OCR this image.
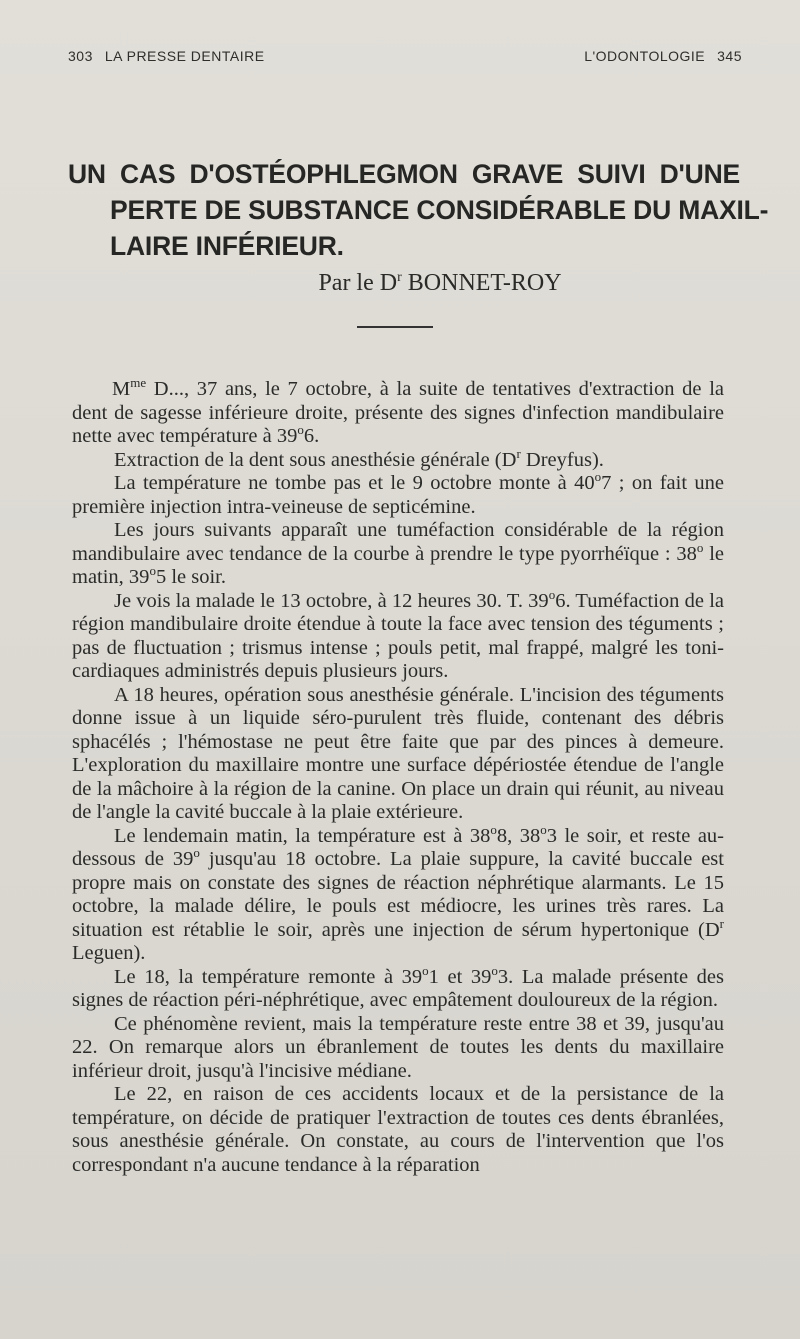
303 LA PRESSE DENTAIRE	L'ODONTOLOGIE 345
UN CAS D'OSTÉOPHLEGMON GRAVE SUIVI D'UNE
PERTE DE SUBSTANCE CONSIDÉRABLE DU MAXIL-
LAIRE INFÉRIEUR.
Par le $D^r$ BONNET-ROY

$M^{me}$ D..., 37 ans, le 7 octobre, à la suite de tentatives d'extraction de la dent de sagesse inférieure droite, présente des signes d'infection mandibulaire nette avec température à 39$^o$6.

Extraction de la dent sous anesthésie générale ($D^r$ Dreyfus).

La température ne tombe pas et le 9 octobre monte à 40$^o$7 ; on fait une première injection intra-veineuse de septicémine.

Les jours suivants apparaît une tuméfaction considérable de la région mandibulaire avec tendance de la courbe à prendre le type pyorrhéïque : 38$^o$ le matin, 39$^o$5 le soir.

Je vois la malade le 13 octobre, à 12 heures 30. T. 39$^o$6. Tuméfaction de la région mandibulaire droite étendue à toute la face avec tension des téguments ; pas de fluctuation ; trismus intense ; pouls petit, mal frappé, malgré les toni-cardiaques administrés depuis plusieurs jours.

A 18 heures, opération sous anesthésie générale. L'incision des téguments donne issue à un liquide séro-purulent très fluide, contenant des débris sphacélés ; l'hémostase ne peut être faite que par des pinces à demeure. L'exploration du maxillaire montre une surface dépériostée étendue de l'angle de la mâchoire à la région de la canine. On place un drain qui réunit, au niveau de l'angle la cavité buccale à la plaie extérieure.

Le lendemain matin, la température est à 38$^o$8, 38$^o$3 le soir, et reste au-dessous de 39$^o$ jusqu'au 18 octobre. La plaie suppure, la cavité buccale est propre mais on constate des signes de réaction néphrétique alarmants. Le 15 octobre, la malade délire, le pouls est médiocre, les urines très rares. La situation est rétablie le soir, après une injection de sérum hypertonique ($D^r$ Leguen).

Le 18, la température remonte à 39$^o$1 et 39$^o$3. La malade présente des signes de réaction péri-néphrétique, avec empâtement douloureux de la région.

Ce phénomène revient, mais la température reste entre 38 et 39, jusqu'au 22. On remarque alors un ébranlement de toutes les dents du maxillaire inférieur droit, jusqu'à l'incisive médiane.

Le 22, en raison de ces accidents locaux et de la persistance de la température, on décide de pratiquer l'extraction de toutes ces dents ébranlées, sous anesthésie générale. On constate, au cours de l'intervention que l'os correspondant n'a aucune tendance à la réparation
